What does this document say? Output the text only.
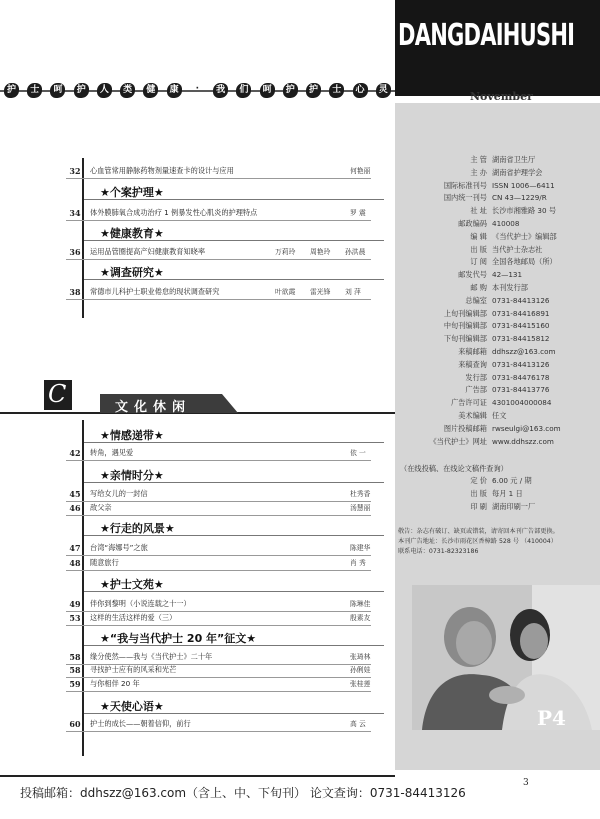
DANGDAIHUSHI
November
护	士	呵	护	人	类	健	康	·	我	们	呵	护	护	士	心	灵
主 管 湖南省卫生厅
主 办 湖南省护理学会
国际标准刊号 ISSN 1006—6411
国内统一刊号 CN 43—1229/R
社 址 长沙市湘雅路 30 号
邮政编码 410008
编 辑 《当代护士》编辑部
出 版 当代护士杂志社
订 阅 全国各地邮局（所）
邮发代号 42—131
邮 购 本刊发行部
总编室 0731-84413126
上旬刊编辑部 0731-84416891
中旬刊编辑部 0731-84415160
下旬刊编辑部 0731-84415812
来稿邮箱 ddhszz@163.com
来稿查询 0731-84413126
发行部 0731-84476178
广告部 0731-84413776
广告许可证 4301004000084
美术编辑 任文
图片投稿邮箱 rwseulgi@163.com
《当代护士》网址 www.ddhszz.com
（在线投稿、在线论文稿件查询）
定 价 6.00 元 / 期
出 版 每月 1 日
印 刷 湖南印刷一厂
敬告：杂志有破订、缺页或错装，请寄回本刊广告部更换。
本刊广告地址：长沙市雨花区香樟路 528 号 （410004）
联系电话：0731-82323186
P4
C	文化休闲
投稿邮箱：ddhszz@163.com（含上、中、下旬刊） 论文查询：0731-84413126
3
32 心血管常用静脉药物剂量速查卡的设计与应用	何艳丽
★个案护理★
34 体外膜肺氧合成功治疗 1 例暴发性心肌炎的护理特点	罗 震
★健康教育★
36 运用品管圈提高产妇健康教育知晓率	万莉玲 周艳玲 孙洪晨
★调查研究★
38 常德市儿科护士职业倦怠的现状调查研究	叶欲霞 雷光锋 刘 萍
★情感递带★
42 转角，遇见爱	依 一
★亲情时分★
45 写给女儿的一封信	杜秀香
46 敌父亲	汤慧丽
★行走的风景★
47 台湾“海娜号”之旅	陈建华
48 随意旅行	肖 秀
★护士文苑★
49 伴你到黎明（小说连载之十一）	陈琳佳
53 这样的生活这样的爱（三）	殷素友
★“我与当代护士 20 年”征文★
58 缘分使然——我与《当代护士》二十年	张琦林
58 寻找护士应有的风采和光芒	孙俐娃
59 与你相伴 20 年	张桂莲
★天使心语★
60 护士的成长——朝着信仰，前行	高 云
